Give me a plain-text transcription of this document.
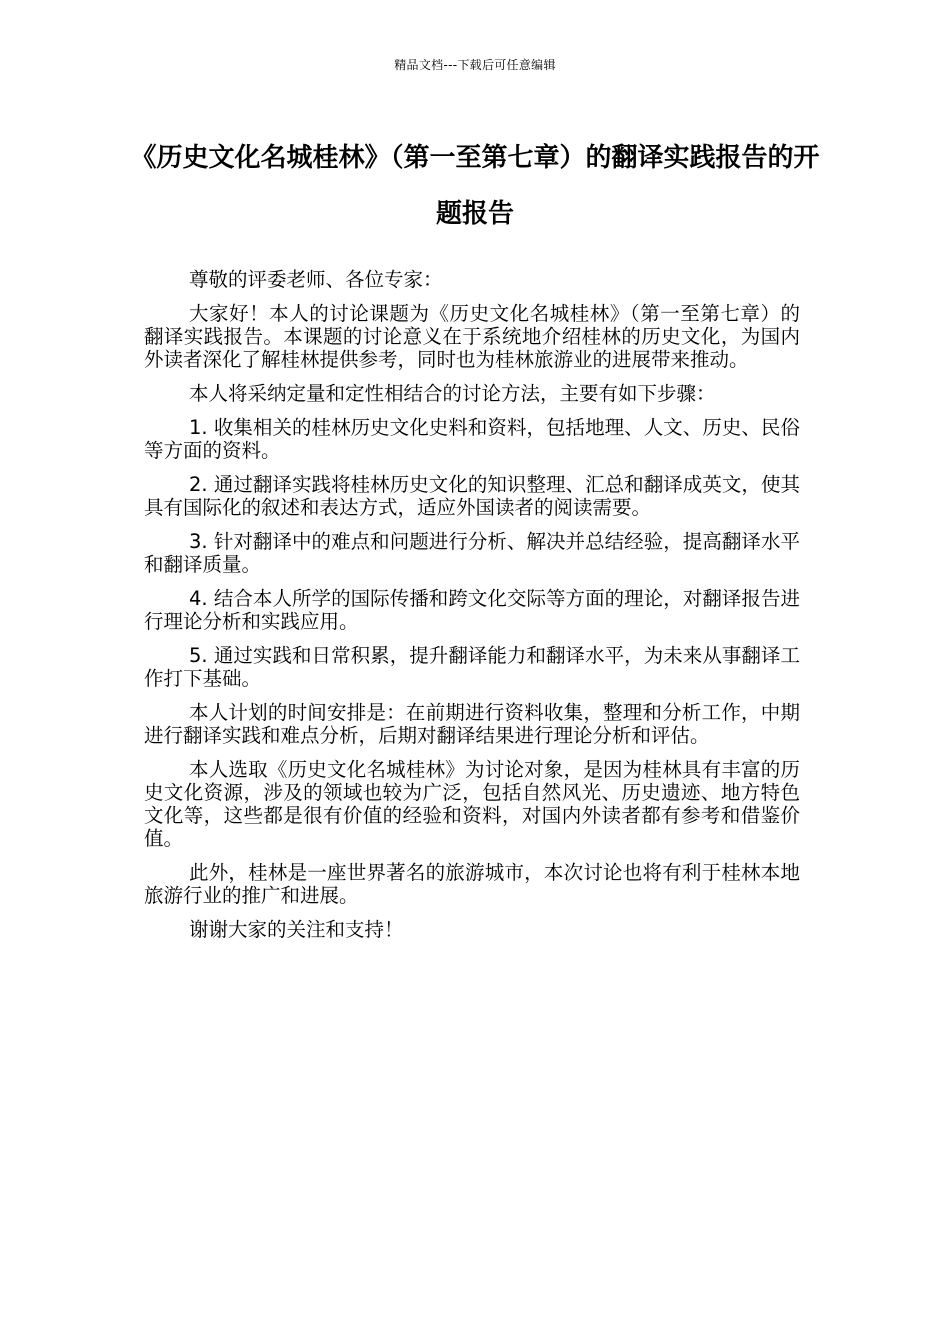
精品文档---下载后可任意编辑
《历史文化名城桂林》（第一至第七章）的翻译实践报告的开题报告

尊敬的评委老师、各位专家：

大家好！本人的讨论课题为《历史文化名城桂林》（第一至第七章）的翻译实践报告。本课题的讨论意义在于系统地介绍桂林的历史文化，为国内外读者深化了解桂林提供参考，同时也为桂林旅游业的进展带来推动。

本人将采纳定量和定性相结合的讨论方法，主要有如下步骤：

1. 收集相关的桂林历史文化史料和资料，包括地理、人文、历史、民俗等方面的资料。

2. 通过翻译实践将桂林历史文化的知识整理、汇总和翻译成英文，使其具有国际化的叙述和表达方式，适应外国读者的阅读需要。

3. 针对翻译中的难点和问题进行分析、解决并总结经验，提高翻译水平和翻译质量。

4. 结合本人所学的国际传播和跨文化交际等方面的理论，对翻译报告进行理论分析和实践应用。

5. 通过实践和日常积累，提升翻译能力和翻译水平，为未来从事翻译工作打下基础。

本人计划的时间安排是：在前期进行资料收集，整理和分析工作，中期进行翻译实践和难点分析，后期对翻译结果进行理论分析和评估。

本人选取《历史文化名城桂林》为讨论对象，是因为桂林具有丰富的历史文化资源，涉及的领域也较为广泛，包括自然风光、历史遗迹、地方特色文化等，这些都是很有价值的经验和资料，对国内外读者都有参考和借鉴价值。

此外，桂林是一座世界著名的旅游城市，本次讨论也将有利于桂林本地旅游行业的推广和进展。

谢谢大家的关注和支持！
